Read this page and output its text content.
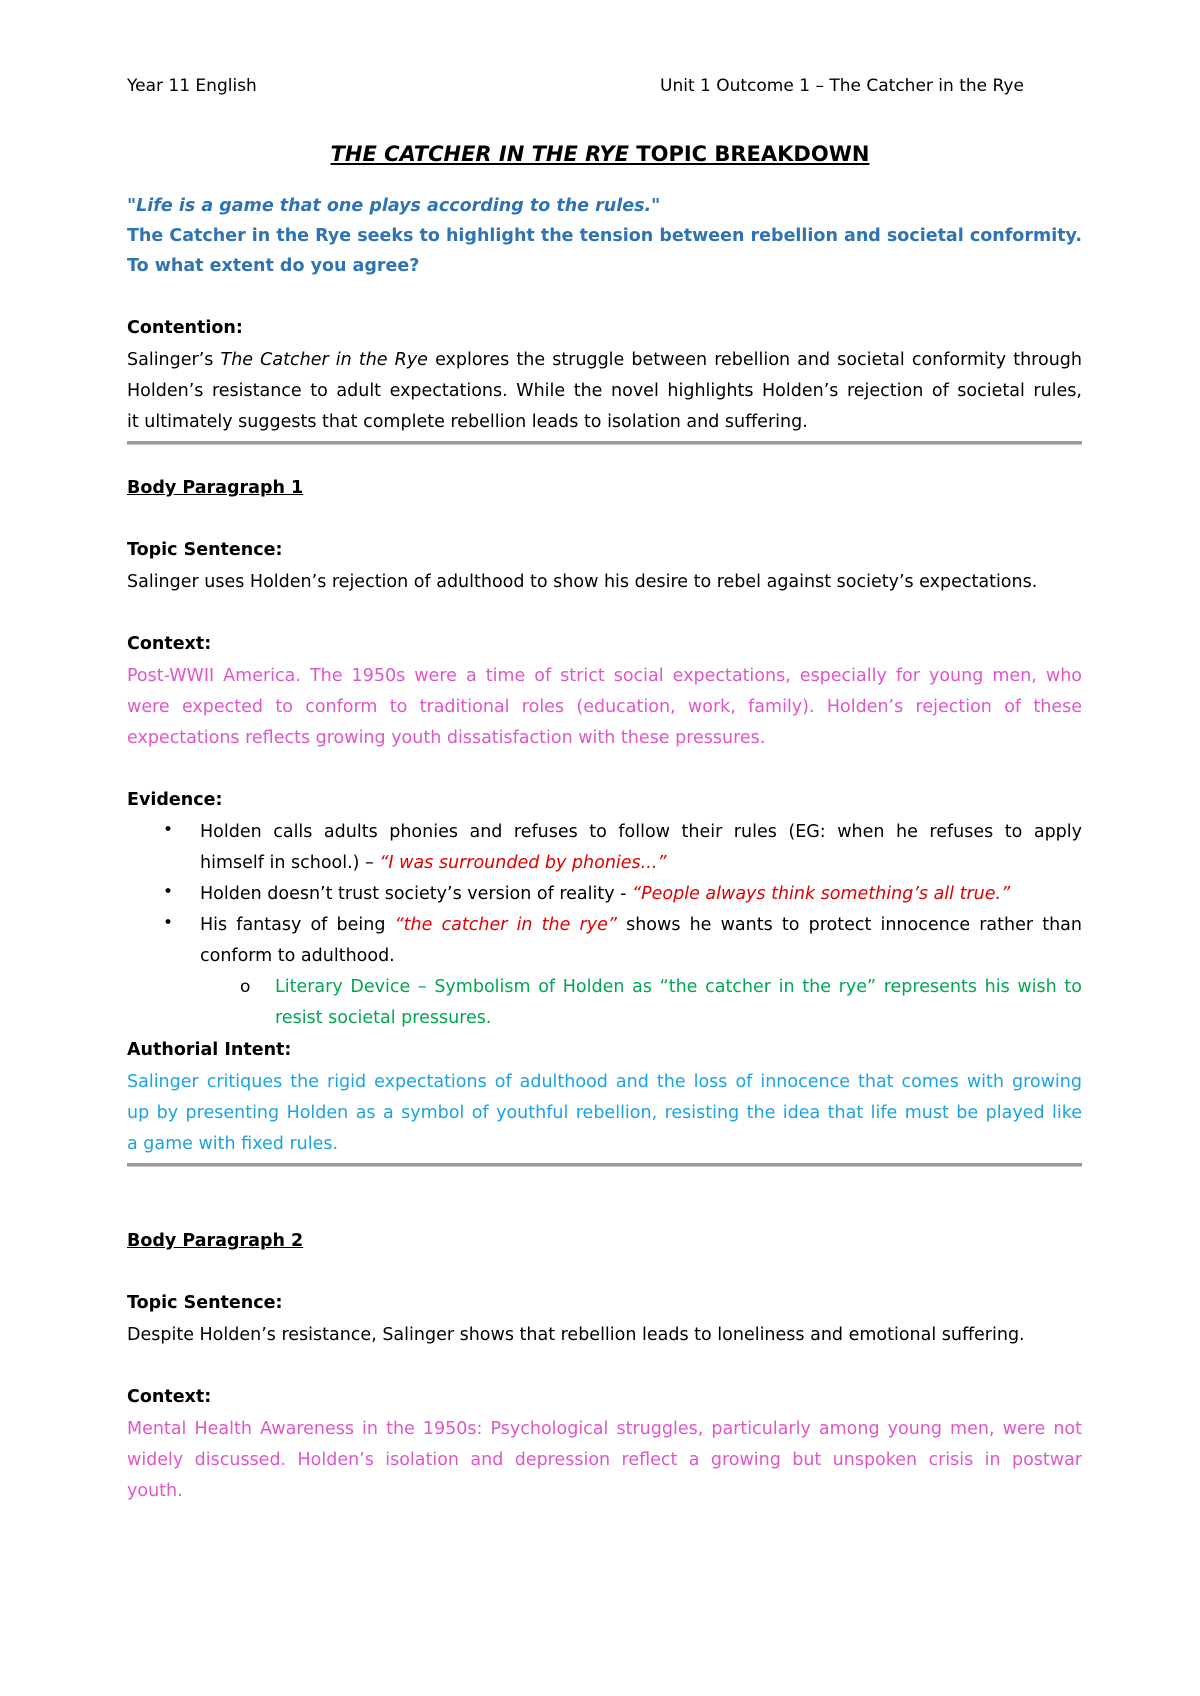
Year 11 English	Unit 1 Outcome 1 – The Catcher in the Rye
THE CATCHER IN THE RYE TOPIC BREAKDOWN
"Life is a game that one plays according to the rules."
The Catcher in the Rye seeks to highlight the tension between rebellion and societal conformity.
To what extent do you agree?
Contention:
Salinger’s The Catcher in the Rye explores the struggle between rebellion and societal conformity through
Holden’s resistance to adult expectations. While the novel highlights Holden’s rejection of societal rules,
it ultimately suggests that complete rebellion leads to isolation and suffering.
Body Paragraph 1
Topic Sentence:
Salinger uses Holden’s rejection of adulthood to show his desire to rebel against society’s expectations.
Context:
Post-WWII America. The 1950s were a time of strict social expectations, especially for young men, who
were expected to conform to traditional roles (education, work, family). Holden’s rejection of these
expectations reflects growing youth dissatisfaction with these pressures.
Evidence:
• Holden calls adults phonies and refuses to follow their rules (EG: when he refuses to apply
himself in school.) – “I was surrounded by phonies...”
• Holden doesn’t trust society’s version of reality - “People always think something’s all true.”
• His fantasy of being “the catcher in the rye” shows he wants to protect innocence rather than
conform to adulthood.
o Literary Device – Symbolism of Holden as “the catcher in the rye” represents his wish to
resist societal pressures.
Authorial Intent:
Salinger critiques the rigid expectations of adulthood and the loss of innocence that comes with growing
up by presenting Holden as a symbol of youthful rebellion, resisting the idea that life must be played like
a game with fixed rules.
Body Paragraph 2
Topic Sentence:
Despite Holden’s resistance, Salinger shows that rebellion leads to loneliness and emotional suffering.
Context:
Mental Health Awareness in the 1950s: Psychological struggles, particularly among young men, were not
widely discussed. Holden’s isolation and depression reflect a growing but unspoken crisis in postwar
youth.
